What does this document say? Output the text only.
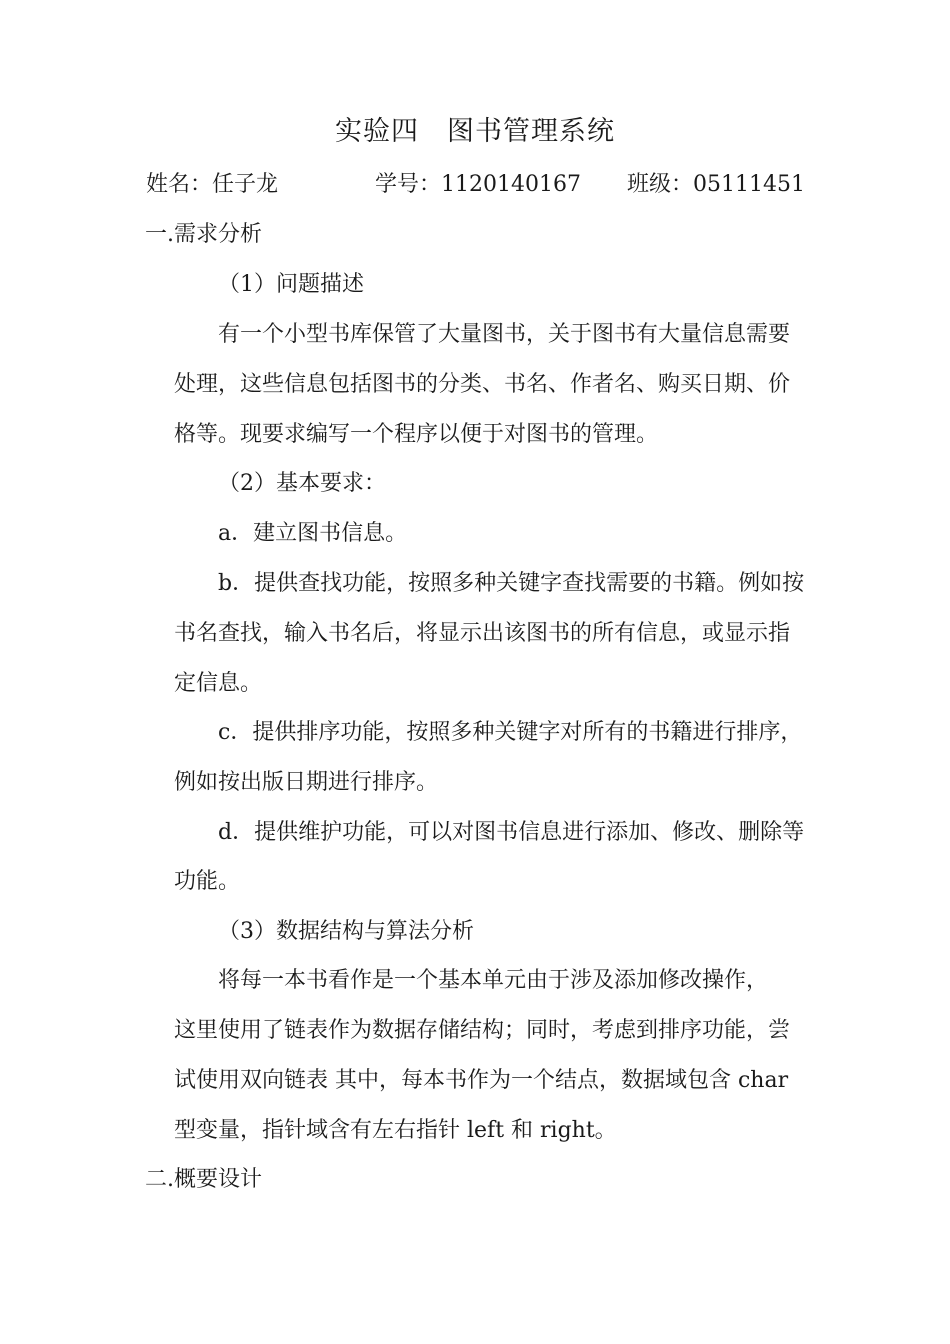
实验四　图书管理系统
姓名：任子龙	学号：1120140167 班级：05111451
一.需求分析
（1）问题描述
有一个小型书库保管了大量图书，关于图书有大量信息需要
处理，这些信息包括图书的分类、书名、作者名、购买日期、价
格等。现要求编写一个程序以便于对图书的管理。
（2）基本要求：
a．建立图书信息。
b．提供查找功能，按照多种关键字查找需要的书籍。例如按
书名查找，输入书名后，将显示出该图书的所有信息，或显示指
定信息。
c．提供排序功能，按照多种关键字对所有的书籍进行排序，
例如按出版日期进行排序。
d．提供维护功能，可以对图书信息进行添加、修改、删除等
功能。
（3）数据结构与算法分析
将每一本书看作是一个基本单元由于涉及添加修改操作，
这里使用了链表作为数据存储结构；同时，考虑到排序功能，尝
试使用双向链表 其中，每本书作为一个结点，数据域包含 char
型变量，指针域含有左右指针 left 和 right。
二.概要设计
